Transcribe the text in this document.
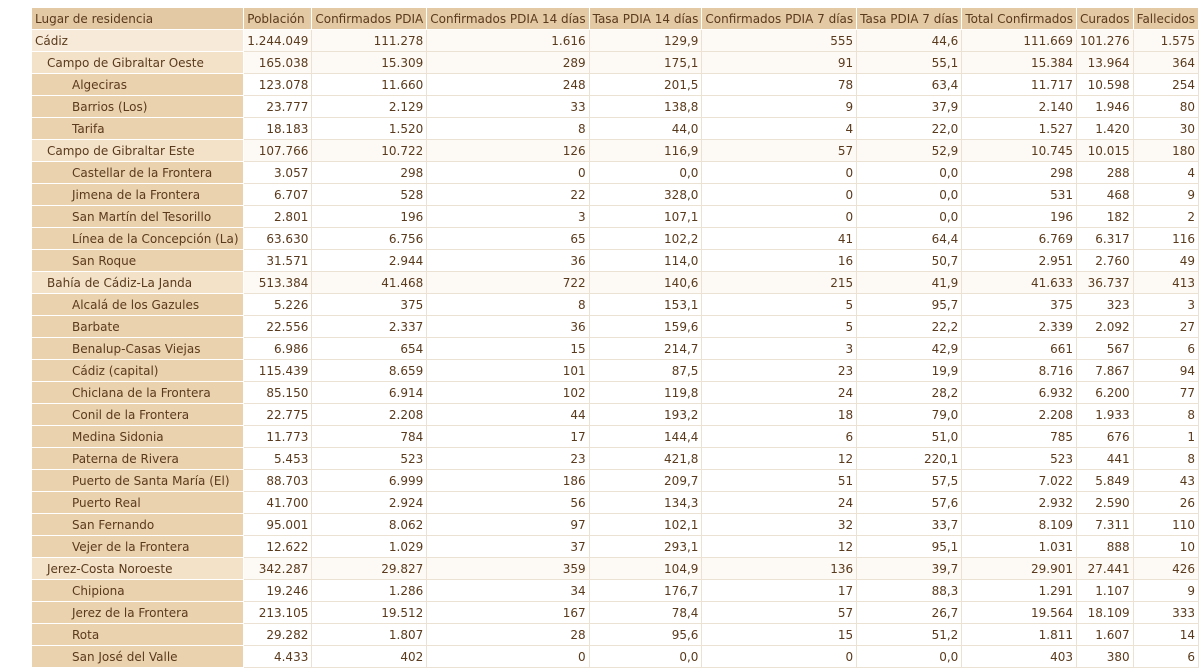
Lugar de residencia	Población	Confirmados PDIA	Confirmados PDIA 14 días	Tasa PDIA 14 días	Confirmados PDIA 7 días	Tasa PDIA 7 días	Total Confirmados	Curados	Fallecidos
Cádiz	1.244.049	111.278	1.616	129,9	555	44,6	111.669	101.276	1.575
Campo de Gibraltar Oeste	165.038	15.309	289	175,1	91	55,1	15.384	13.964	364
Algeciras	123.078	11.660	248	201,5	78	63,4	11.717	10.598	254
Barrios (Los)	23.777	2.129	33	138,8	9	37,9	2.140	1.946	80
Tarifa	18.183	1.520	8	44,0	4	22,0	1.527	1.420	30
Campo de Gibraltar Este	107.766	10.722	126	116,9	57	52,9	10.745	10.015	180
Castellar de la Frontera	3.057	298	0	0,0	0	0,0	298	288	4
Jimena de la Frontera	6.707	528	22	328,0	0	0,0	531	468	9
San Martín del Tesorillo	2.801	196	3	107,1	0	0,0	196	182	2
Línea de la Concepción (La)	63.630	6.756	65	102,2	41	64,4	6.769	6.317	116
San Roque	31.571	2.944	36	114,0	16	50,7	2.951	2.760	49
Bahía de Cádiz-La Janda	513.384	41.468	722	140,6	215	41,9	41.633	36.737	413
Alcalá de los Gazules	5.226	375	8	153,1	5	95,7	375	323	3
Barbate	22.556	2.337	36	159,6	5	22,2	2.339	2.092	27
Benalup-Casas Viejas	6.986	654	15	214,7	3	42,9	661	567	6
Cádiz (capital)	115.439	8.659	101	87,5	23	19,9	8.716	7.867	94
Chiclana de la Frontera	85.150	6.914	102	119,8	24	28,2	6.932	6.200	77
Conil de la Frontera	22.775	2.208	44	193,2	18	79,0	2.208	1.933	8
Medina Sidonia	11.773	784	17	144,4	6	51,0	785	676	1
Paterna de Rivera	5.453	523	23	421,8	12	220,1	523	441	8
Puerto de Santa María (El)	88.703	6.999	186	209,7	51	57,5	7.022	5.849	43
Puerto Real	41.700	2.924	56	134,3	24	57,6	2.932	2.590	26
San Fernando	95.001	8.062	97	102,1	32	33,7	8.109	7.311	110
Vejer de la Frontera	12.622	1.029	37	293,1	12	95,1	1.031	888	10
Jerez-Costa Noroeste	342.287	29.827	359	104,9	136	39,7	29.901	27.441	426
Chipiona	19.246	1.286	34	176,7	17	88,3	1.291	1.107	9
Jerez de la Frontera	213.105	19.512	167	78,4	57	26,7	19.564	18.109	333
Rota	29.282	1.807	28	95,6	15	51,2	1.811	1.607	14
San José del Valle	4.433	402	0	0,0	0	0,0	403	380	6
